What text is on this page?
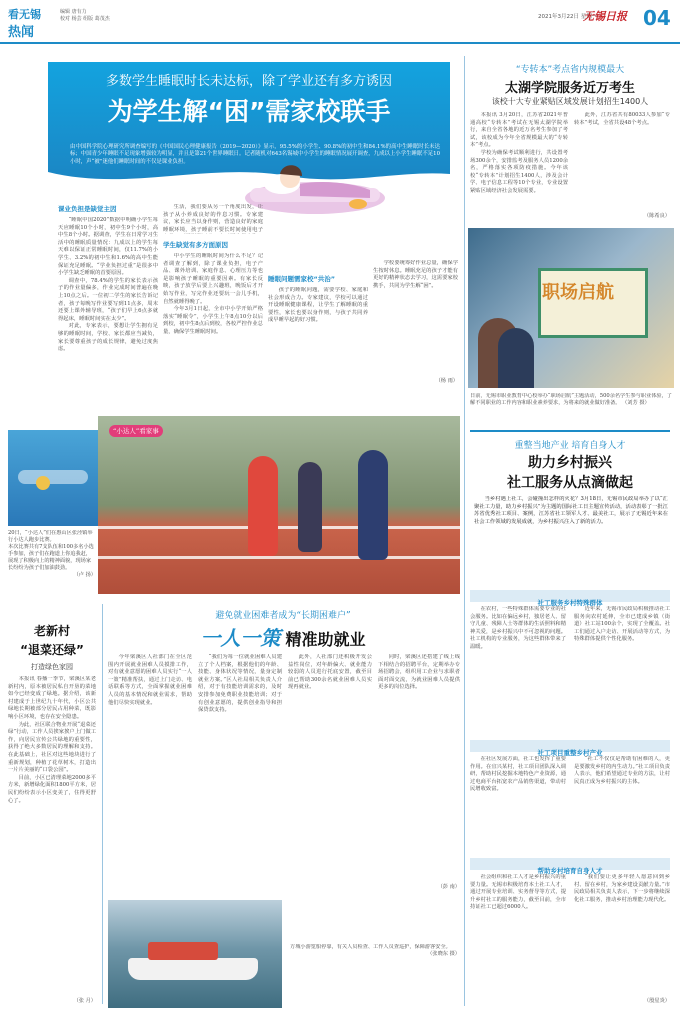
看无锡
热闻
编辑 唐有力
校对 杨芸 组版 葛茂杰	2021年3月22日 星期一
无锡日报 04
多数学生睡眠时长未达标，除了学业还有多方诱因
为学生解“困”需家校联手
由中国科学院心理研究所调查编写的《中国国民心理健康报告（2019—2020）》显示，95.5%的小学生、90.8%的初中生和84.1%的高中生睡眠时长未达标；中国青少年睡眠不足现象增强较为明显，并且是第21个世界睡眠日。记者随机对643名锡城中小学生的睡眠情况展开调查，九成以上小学生睡眠不足10小时，声“被”迷他们睡眠时间的不仅是课业负担。
课业负担是缺觉主因

“睡眠中国2020”数据中明确小学生每天应睡眠10个小时，初中生9个小时，高中生8个小时。据调查，学生在日常学习生活中的睡眠质量情况：九成以上的学生每天难以保证正常睡眠时间，仅11.7%的小学生、3.2%的初中生和1.6%的高中生能保证充足睡眠。“学业负担过重”是很多中小学生缺乏睡眠的首要原因。

调查中，78.4%的学生的家长表示孩子的作业量偏多，作业完成时间普遍在晚上10点之后。一位初二学生的家长告诉记者，孩子每晚写作业要写到11点多，周末还要上课外辅导班，“孩子们早上6点多就得起床，睡眠时间实在太少”。

对此，专家表示，要想让学生拥有足够的睡眠时间，学校、家长都应当减负，家长要尊重孩子的成长规律，避免过度焦虑。

生活，我们要从另一个角度出发，让孩子从小养成良好的作息习惯。专家建议，家长应当以身作则，营造良好的家庭睡眠环境，孩子睡前不要长时间使用电子

学生缺觉有多方面原因

中小学生的睡眠时间为什么不足？记者调查了解到，除了课业负担，电子产品、课外培训、家庭作息、心理压力等也是影响孩子睡眠的重要因素。有家长反映，孩子放学后要上兴趣班，晚饭后才开始写作业，写完作业还要玩一会儿手机，自然就睡得晚了。

今年3月1日起，全市中小学开始严格落实“睡眠令”，小学生上午8点10分以后到校，初中生8点后到校，各校严控作业总量，确保学生睡眠时间。

睡眠问题需家校“共治”

孩子的睡眠问题，需要学校、家庭和社会形成合力。专家建议，学校可以通过开设睡眠健康课程，让学生了解睡眠的重要性，家长也要以身作则，与孩子共同养成早睡早起的好习惯。

学校要统筹好作业总量，确保学生按时休息。睡眠充足的孩子才能有更好的精神状态去学习，这需要家校携手，共同为学生解“困”。

（杨 雨）
“专转本”考点省内规模最大
太湖学院服务近万考生
该校十大专业紧贴区域发展计划招生1400人

本报讯 3月20日，江苏省2021年普通高校“专转本”考试在无锡太湖学院举行，来自全省各地的近万名考生参加了考试，该校成为今年全省规模最大的“专转本”考点。

学校为确保考试顺利进行，共设置考场300余个，安排监考及服务人员1200余名，严格落实各项防疫措施。今年该校“专转本”计划招生1400人，涉及会计学、电子信息工程等10个专业，专业设置紧贴区域经济社会发展需要。

此外，江苏省共有80033人参加“专转本”考试，全省共设48个考点。

（陈希良）
职场启航
日前，无锡市职业教育中心校举办“职场启航”主题活动，500余名学生参与职业体验，了解不同职业的工作内容和职业素养要求，为将来的就业做好准备。 （刘芳 摄）
“小达人”看家事
20日，“小达人”们在惠山区张泾镇举行小达人跑步比赛。
本次比赛共有7支队伍和100多名小选手参加，孩子们在跑道上你追我赶，展现了积极向上的精神面貌，现场家长纷纷为孩子们加油鼓劲。
（卢 扬）
老新村
“退菜还绿”
打造绿色家园

本报讯 春播一季节，梁溪区某老新村内，原本被居民私自开垦的菜地如今已经变成了绿地。据介绍，该新村建成于上世纪九十年代，小区公共绿地长期被部分居民占用种菜，既影响小区环境，也存在安全隐患。

为此，社区联合物业开展“退菜还绿”行动，工作人员挨家挨户上门做工作，向居民宣传公共绿地的重要性，获得了绝大多数居民的理解和支持。在此基础上，社区对这些地块进行了重新规划，种植了花草树木，打造出一片片美丽的“口袋公园”。

目前，小区已清理菜地2000多平方米，新增绿化面积1800平方米，居民们纷纷表示小区变美了，住得更舒心了。

（张 月）
避免就业困难者成为“长期困难户”
一人一策 精准助就业

今年梁溪区人社部门在全区范围内开展就业困难人员摸排工作，对有就业意愿的困难人员实行“一人一策”精准帮扶，通过上门走访、电话联系等方式，全面掌握就业困难人员的基本情况和就业需求，帮助他们尽快实现就业。

“我们为每一位就业困难人员建立了个人档案，根据他们的年龄、技能、身体状况等情况，量身定制就业方案。”区人社局相关负责人介绍，对于有技能培训需求的，及时安排参加免费职业技能培训；对于有创业意愿的，提供创业指导和担保贷款支持。

此外，人社部门还积极开发公益性岗位，对年龄偏大、就业能力较弱的人员进行托底安置，截至目前已帮助300余名就业困难人员实现再就业。

同时，梁溪区还搭建了线上线下相结合的招聘平台，定期举办专场招聘会，组织用工企业与求职者面对面交流，为就业困难人员提供更多的岗位选择。

（彭 南）
方城小游览船停靠，有关人员检查、工作人员查巡护，保障游客安全。
（张晓东 摄）
重整当地产业 培育自身人才
助力乡村振兴
社工服务从点滴做起

当乡村遇上社工，会碰撞出怎样的火花？3月18日，无锡市民政局举办了以“汇聚社工力量，助力乡村振兴”为主题的国际社工日主题宣传活动，活动表彰了一批江苏省优秀社工项目、案例，江苏省社工领军人才、最美社工，展示了无锡近年来在社会工作领域的发展成就，为乡村振兴注入了新的活力。

社工服务乡村特殊群体

在农村，一些特殊群体需要专业的社会服务。比如在偏远乡村，独居老人、留守儿童、残障人士等群体的生活照料和精神关爱，是乡村振兴中不可忽视的问题。社工机构的专业服务，为这些群体带来了温暖。

近年来，无锡市民政局积极推动社工服务向农村延伸，全市已建成乡镇（街道）社工站100余个，实现了全覆盖。社工们通过入户走访、开展活动等方式，为特殊群体提供个性化服务。

社工项目重整乡村产业

在社区发展方面，社工也发挥了重要作用。在宜兴某村，社工项目团队深入调研，帮助村民挖掘本地特色产业资源，通过电商平台拓宽农产品销售渠道，带动村民增收致富。

“社工不仅仅是帮助有困难的人，更是要激发乡村的内生动力。”社工项目负责人表示，他们希望通过专业的方法，让村民真正成为乡村振兴的主体。

帮助乡村培育自身人才

社会组织和社工人才是乡村振兴的重要力量。无锡市积极培育本土社工人才，通过开展专业培训、实务督导等方式，提升乡村社工的服务能力，截至目前，全市持证社工已超过6000人。

“我们要让更多年轻人愿意回到乡村、留在乡村，为家乡建设贡献力量。”市民政局相关负责人表示，下一步将继续深化社工服务，推动乡村治理能力现代化。

（殷星炎）
